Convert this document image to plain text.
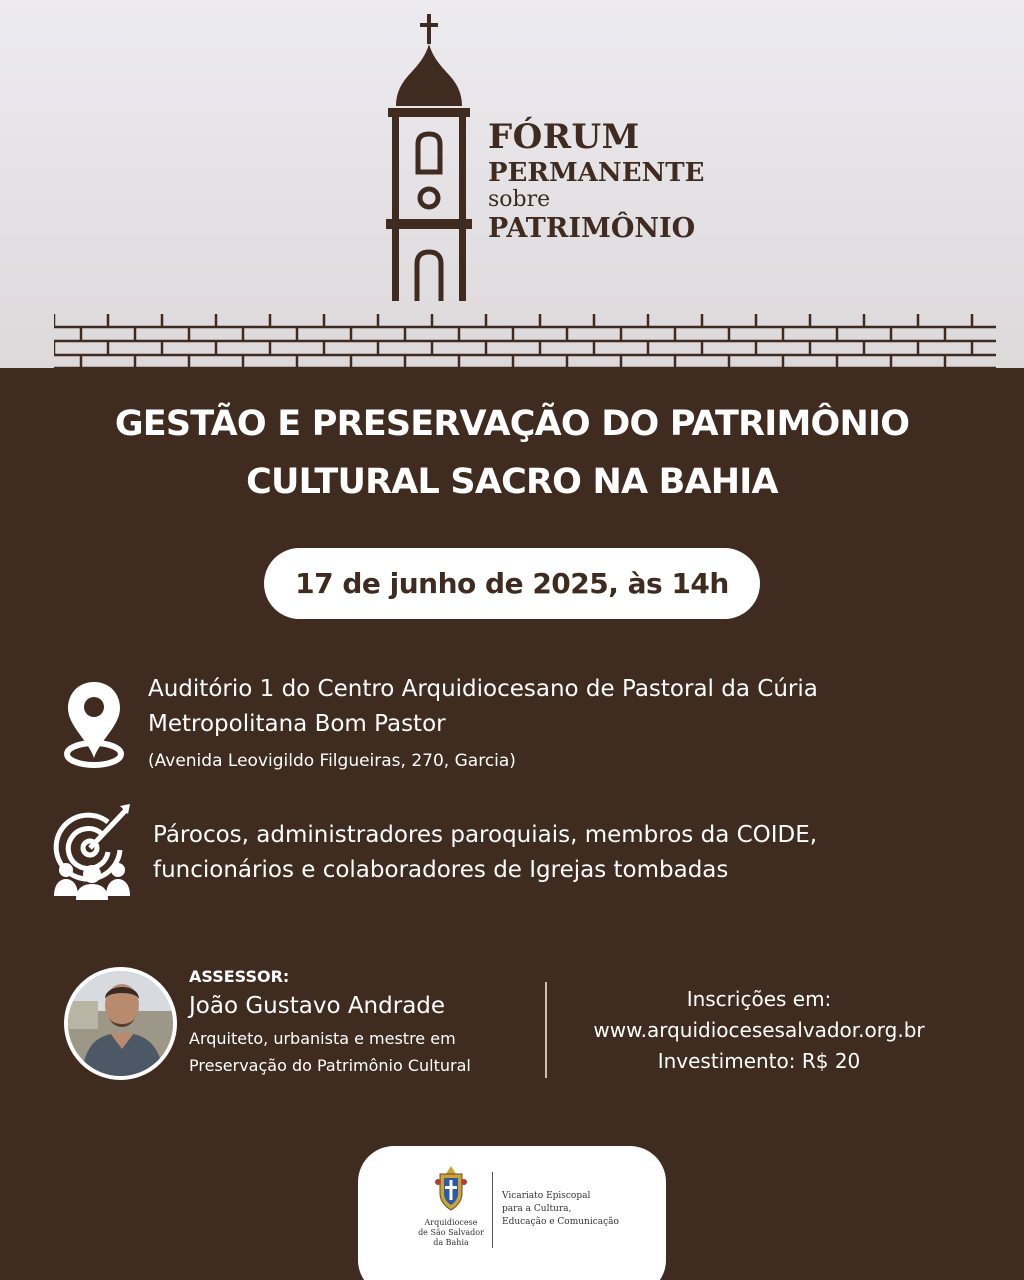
FÓRUM
PERMANENTE
sobre
PATRIMÔNIO
GESTÃO E PRESERVAÇÃO DO PATRIMÔNIO
CULTURAL SACRO NA BAHIA
17 de junho de 2025, às 14h
Auditório 1 do Centro Arquidiocesano de Pastoral da Cúria
Metropolitana Bom Pastor
(Avenida Leovigildo Filgueiras, 270, Garcia)
Párocos, administradores paroquiais, membros da COIDE,
funcionários e colaboradores de Igrejas tombadas
ASSESSOR:
João Gustavo Andrade
Arquiteto, urbanista e mestre em
Preservação do Patrimônio Cultural
Inscrições em:
www.arquidiocesesalvador.org.br
Investimento: R$ 20
Arquidiocese
de São Salvador
da Bahia
Vicariato Episcopal
para a Cultura,
Educação e Comunicação
